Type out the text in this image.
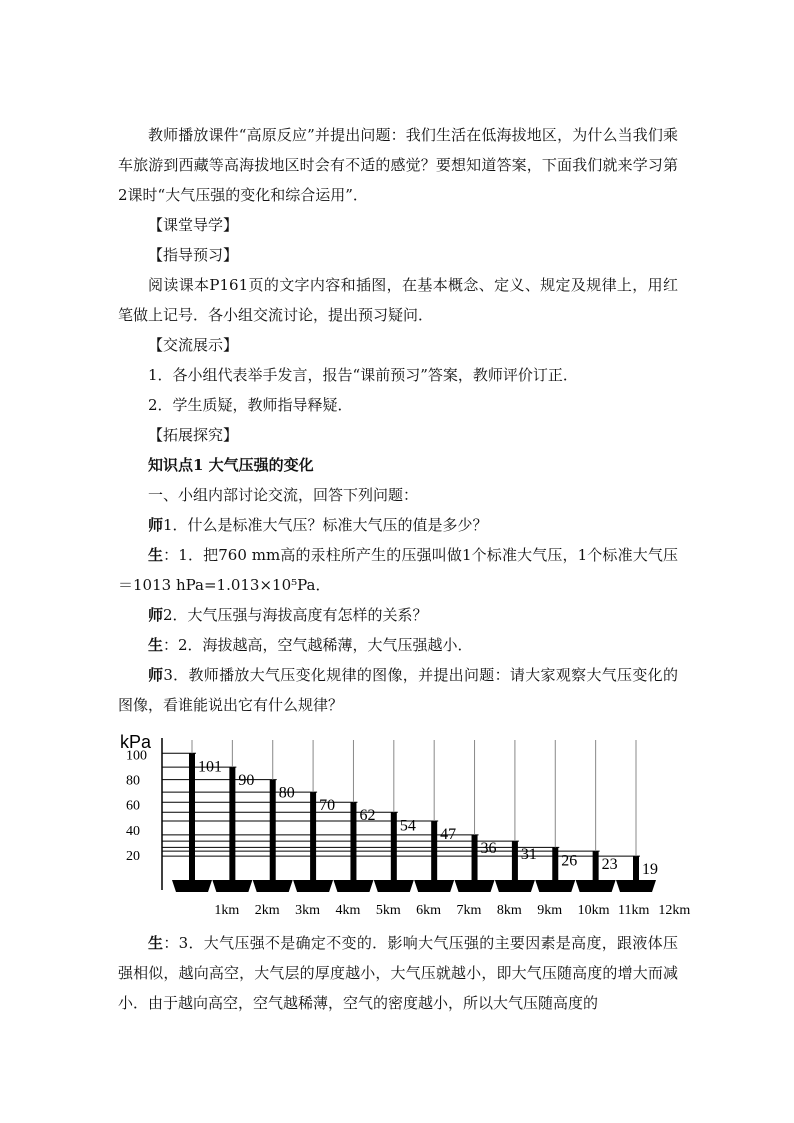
教师播放课件“高原反应”并提出问题：我们生活在低海拔地区，为什么当我们乘车旅游到西藏等高海拔地区时会有不适的感觉？要想知道答案，下面我们就来学习第2课时“大气压强的变化和综合运用”．

【课堂导学】
【指导预习】

阅读课本P161页的文字内容和插图，在基本概念、定义、规定及规律上，用红笔做上记号．各小组交流讨论，提出预习疑问．

【交流展示】
1．各小组代表举手发言，报告“课前预习”答案，教师评价订正．
2．学生质疑，教师指导释疑．
【拓展探究】
知识点1 大气压强的变化
一、小组内部讨论交流，回答下列问题：
师1．什么是标准大气压？标准大气压的值是多少？

生：1．把760 mm高的汞柱所产生的压强叫做1个标准大气压，1个标准大气压＝1013 hPa=1.013×10⁵Pa．

师2．大气压强与海拔高度有怎样的关系？
生：2．海拔越高，空气越稀薄，大气压强越小．

师3．教师播放大气压变化规律的图像，并提出问题：请大家观察大气压变化的图像，看谁能说出它有什么规律？

kPa
20
40
60
80
100
101
90
80
70
62
54
47
36 31 26 23 19
1km 2km 3km 4km 5km 6km 7km 8km 9km 10km 11km 12km

生：3．大气压强不是确定不变的．影响大气压强的主要因素是高度，跟液体压强相似，越向高空，大气层的厚度越小，大气压就越小，即大气压随高度的增大而减小．由于越向高空，空气越稀薄，空气的密度越小，所以大气压随高度的
